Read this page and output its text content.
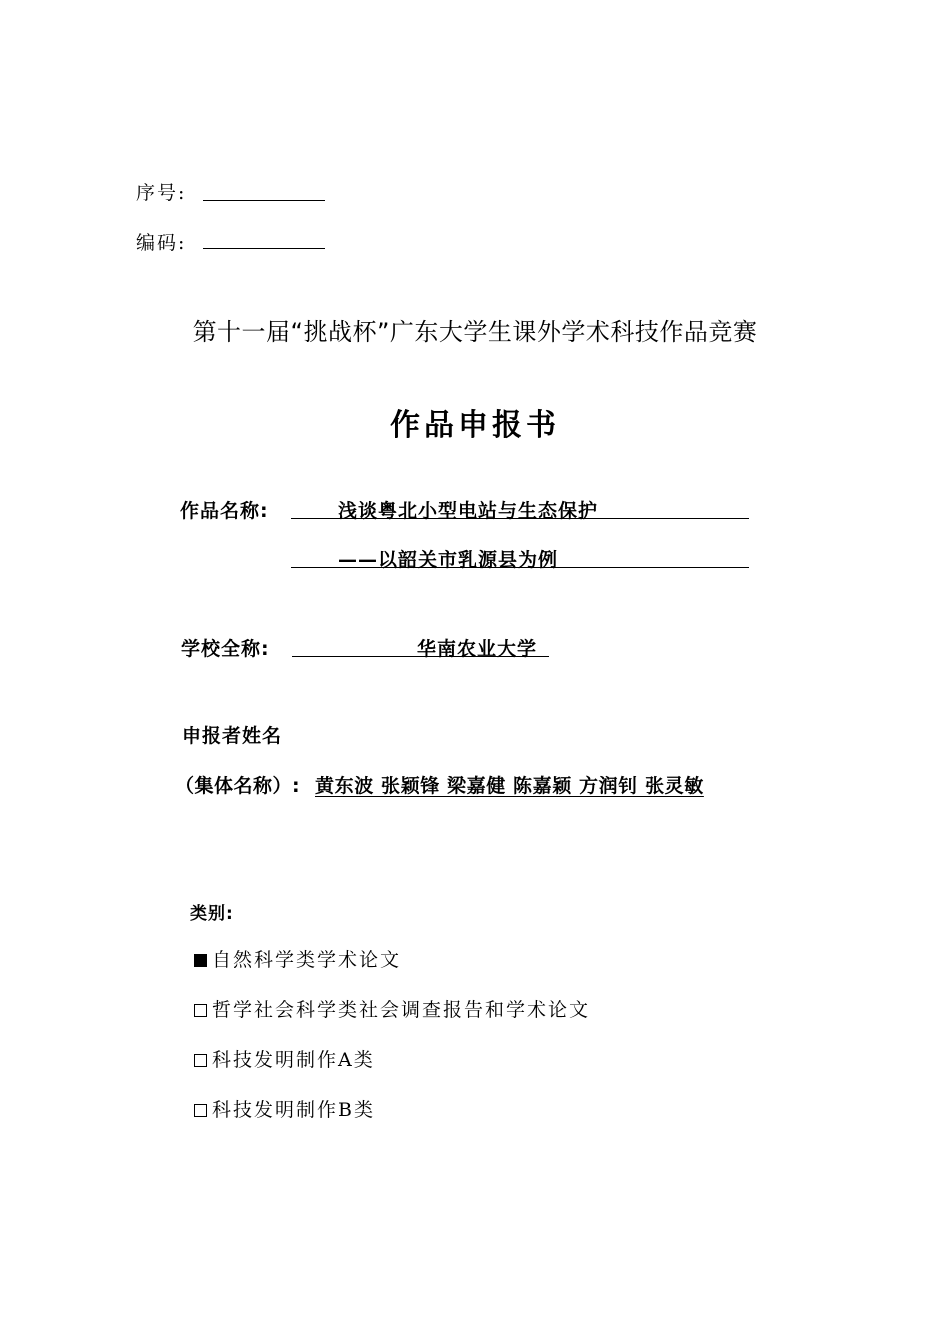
序号:
编码:
第十一届“挑战杯”广东大学生课外学术科技作品竞赛
作品申报书
作品名称:	浅谈粤北小型电站与生态保护
——以韶关市乳源县为例
学校全称:	华南农业大学
申报者姓名
（集体名称）: 黄东波 张颖锋 梁嘉健 陈嘉颖 方润钊 张灵敏
类别:
自然科学类学术论文
哲学社会科学类社会调查报告和学术论文
科技发明制作A类
科技发明制作B类
